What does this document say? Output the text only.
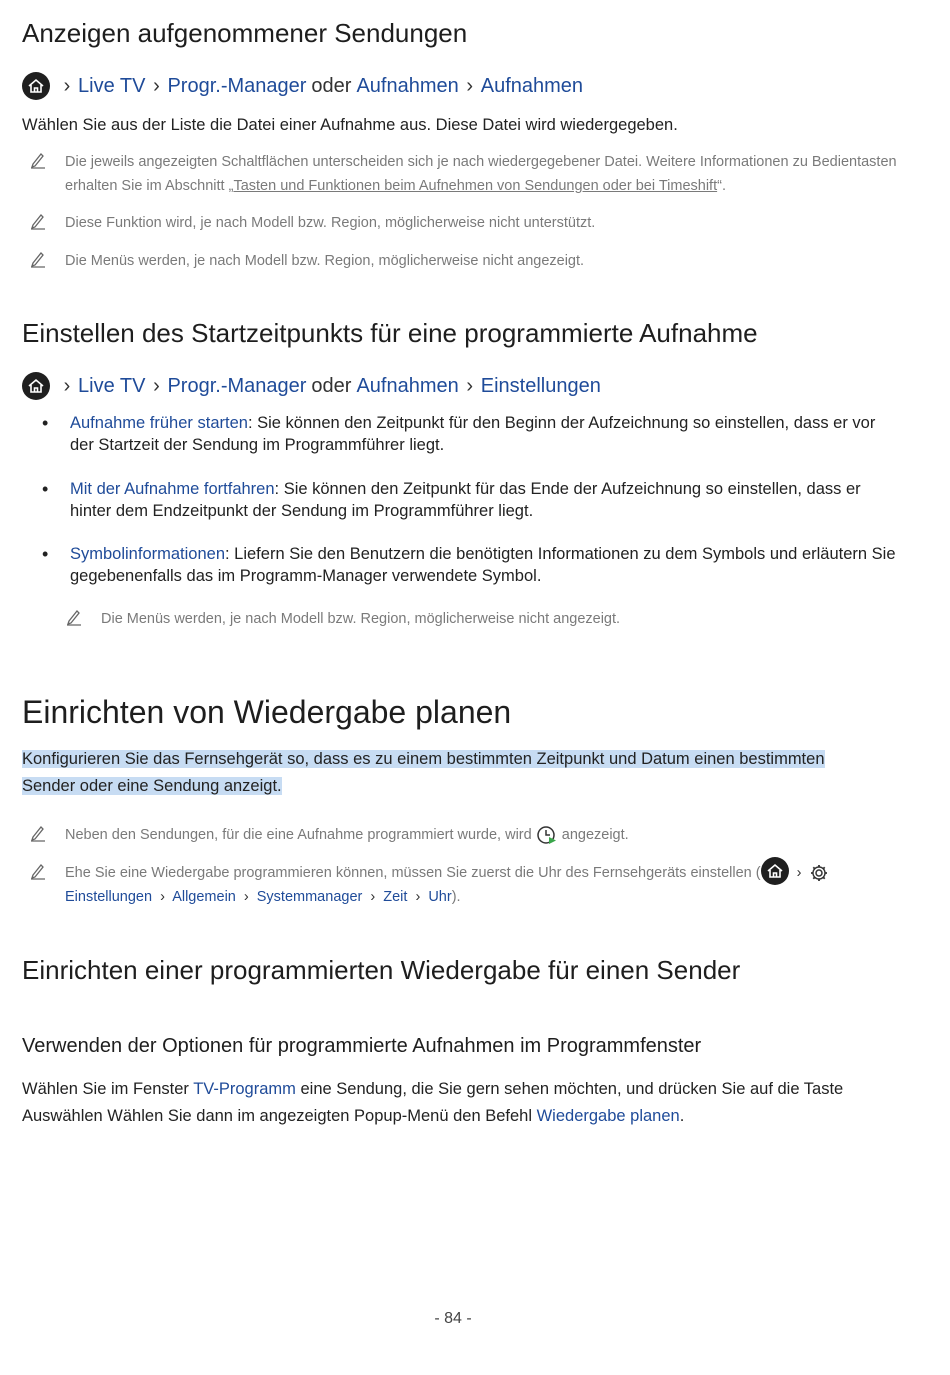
Anzeigen aufgenommener Sendungen
› Live TV › Progr.-Manager oder Aufnahmen › Aufnahmen
Wählen Sie aus der Liste die Datei einer Aufnahme aus. Diese Datei wird wiedergegeben.
Die jeweils angezeigten Schaltflächen unterscheiden sich je nach wiedergegebener Datei. Weitere Informationen zu Bedientasten erhalten Sie im Abschnitt „Tasten und Funktionen beim Aufnehmen von Sendungen oder bei Timeshift“.
Diese Funktion wird, je nach Modell bzw. Region, möglicherweise nicht unterstützt.
Die Menüs werden, je nach Modell bzw. Region, möglicherweise nicht angezeigt.
Einstellen des Startzeitpunkts für eine programmierte Aufnahme
› Live TV › Progr.-Manager oder Aufnahmen › Einstellungen
• Aufnahme früher starten: Sie können den Zeitpunkt für den Beginn der Aufzeichnung so einstellen, dass er vor der Startzeit der Sendung im Programmführer liegt.
• Mit der Aufnahme fortfahren: Sie können den Zeitpunkt für das Ende der Aufzeichnung so einstellen, dass er hinter dem Endzeitpunkt der Sendung im Programmführer liegt.
• Symbolinformationen: Liefern Sie den Benutzern die benötigten Informationen zu dem Symbols und erläutern Sie gegebenenfalls das im Programm-Manager verwendete Symbol.
Die Menüs werden, je nach Modell bzw. Region, möglicherweise nicht angezeigt.
Einrichten von Wiedergabe planen
Konfigurieren Sie das Fernsehgerät so, dass es zu einem bestimmten Zeitpunkt und Datum einen bestimmten Sender oder eine Sendung anzeigt.
Neben den Sendungen, für die eine Aufnahme programmiert wurde, wird angezeigt.
Ehe Sie eine Wiedergabe programmieren können, müssen Sie zuerst die Uhr des Fernsehgeräts einstellen ( ›
Einstellungen › Allgemein › Systemmanager › Zeit › Uhr).
Einrichten einer programmierten Wiedergabe für einen Sender
Verwenden der Optionen für programmierte Aufnahmen im Programmfenster
Wählen Sie im Fenster TV-Programm eine Sendung, die Sie gern sehen möchten, und drücken Sie auf die Taste Auswählen Wählen Sie dann im angezeigten Popup-Menü den Befehl Wiedergabe planen.
- 84 -
